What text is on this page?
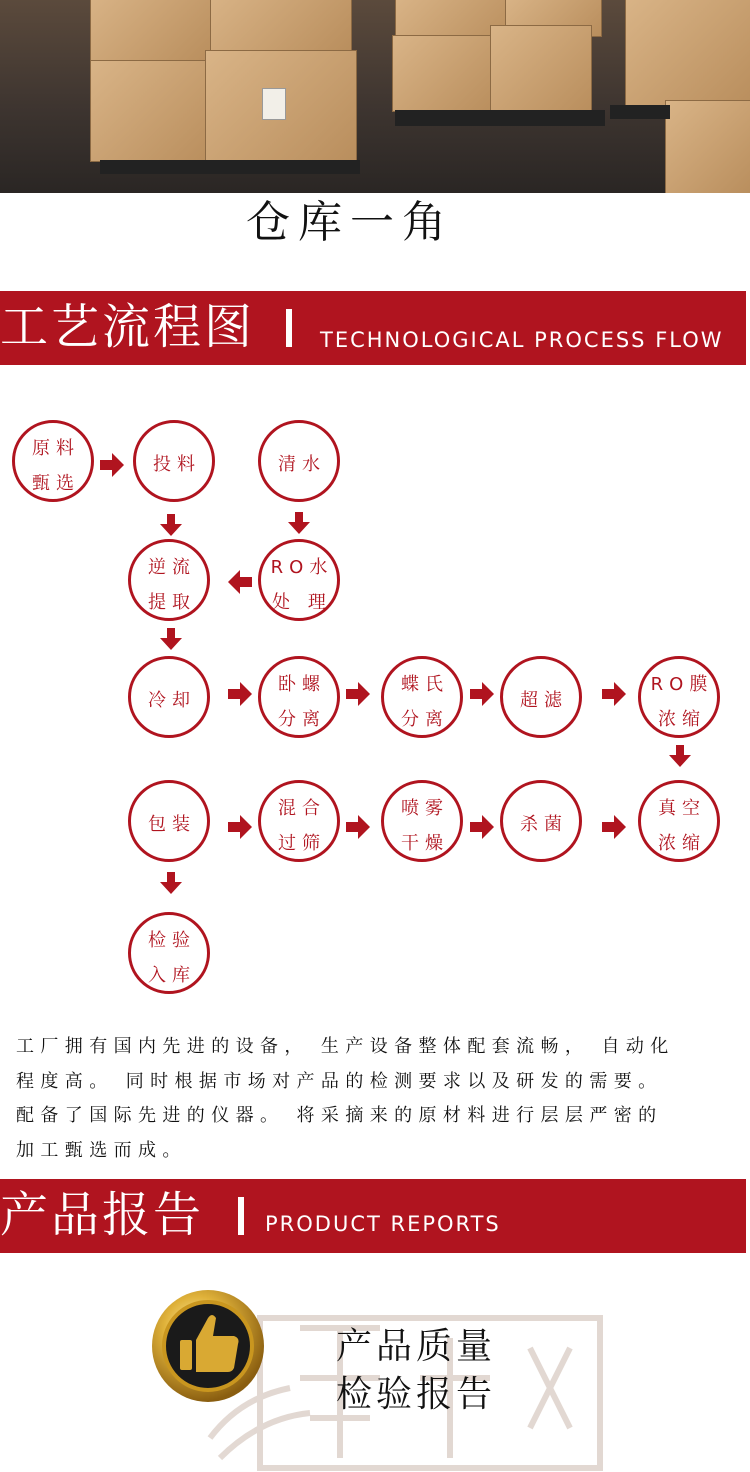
仓库一角
工艺流程图	TECHNOLOGICAL PROCESS FLOW
原料
甄选
投料	清水
逆流
提取
RO水
处 理
冷却
卧螺
分离
蝶氏
分离
超滤
RO膜
浓缩
包装
混合
过筛
喷雾
干燥
杀菌
真空
浓缩
检验
入库
工厂拥有国内先进的设备， 生产设备整体配套流畅， 自动化
程度高。 同时根据市场对产品的检测要求以及研发的需要。
配备了国际先进的仪器。 将采摘来的原材料进行层层严密的
加工甄选而成。
产品报告	PRODUCT REPORTS
产品质量
检验报告
